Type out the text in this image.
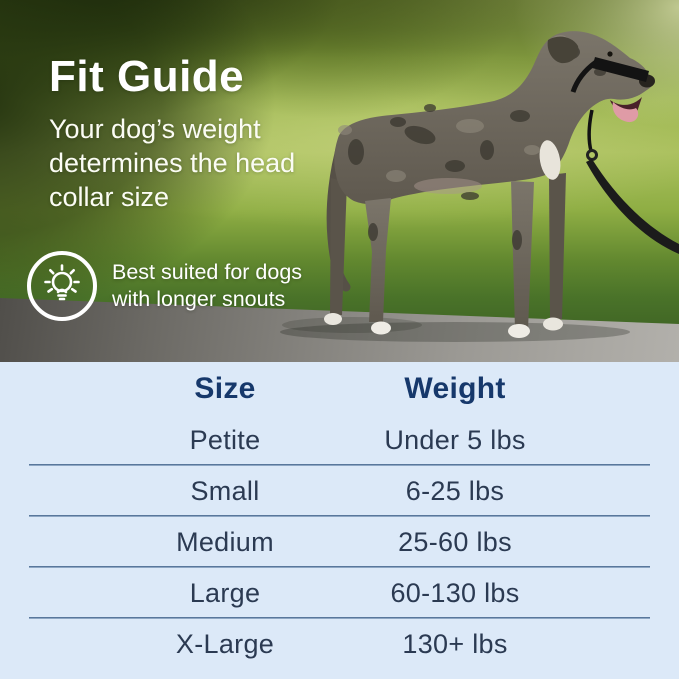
Fit Guide

Your dog’s weight determines the head collar size

Best suited for dogs with longer snouts

Size	Weight
Petite	Under 5 lbs
Small	6-25 lbs
Medium	25-60 lbs
Large	60-130 lbs
X-Large	130+ lbs
